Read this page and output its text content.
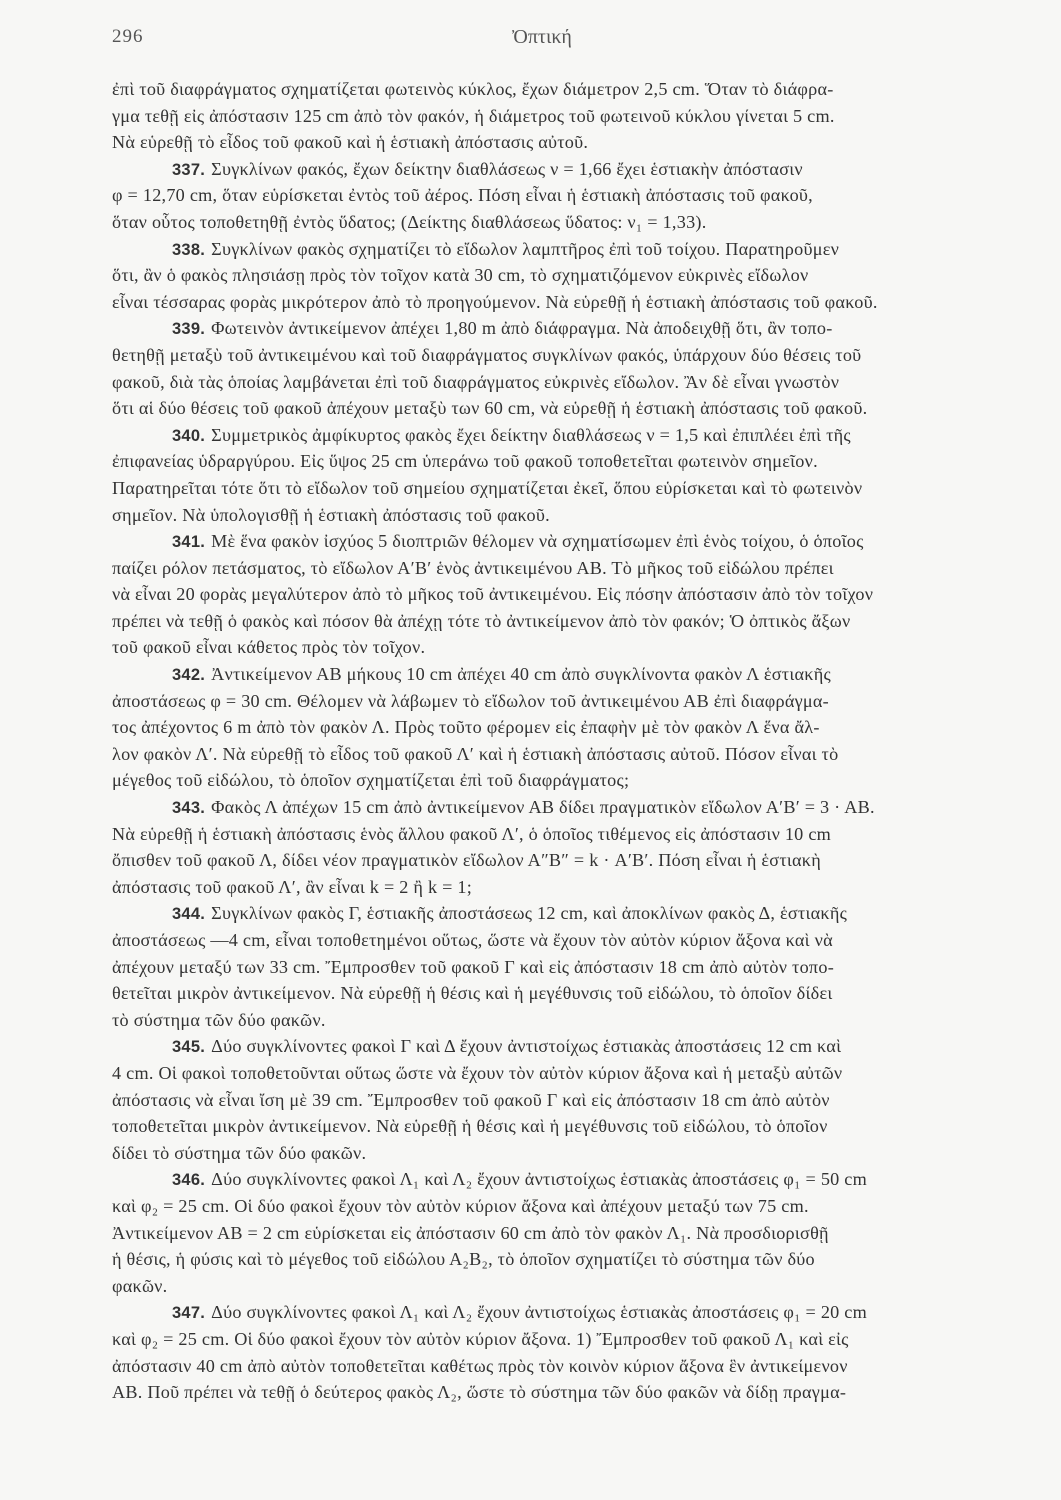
296	Ὀπτική
ἐπὶ τοῦ διαφράγματος σχηματίζεται φωτεινὸς κύκλος, ἔχων διάμετρον 2,5 cm. Ὅταν τὸ διάφρα-
γμα τεθῇ εἰς ἀπόστασιν 125 cm ἀπὸ τὸν φακόν, ἡ διάμετρος τοῦ φωτεινοῦ κύκλου γίνεται 5 cm.
Νὰ εὑρεθῇ τὸ εἶδος τοῦ φακοῦ καὶ ἡ ἑστιακὴ ἀπόστασις αὐτοῦ.
337. Συγκλίνων φακός, ἔχων δείκτην διαθλάσεως ν = 1,66 ἔχει ἑστιακὴν ἀπόστασιν
φ = 12,70 cm, ὅταν εὑρίσκεται ἐντὸς τοῦ ἀέρος. Πόση εἶναι ἡ ἑστιακὴ ἀπόστασις τοῦ φακοῦ,
ὅταν οὗτος τοποθετηθῇ ἐντὸς ὕδατος; (Δείκτης διαθλάσεως ὕδατος: ν₁ = 1,33).
338. Συγκλίνων φακὸς σχηματίζει τὸ εἴδωλον λαμπτῆρος ἐπὶ τοῦ τοίχου. Παρατηροῦμεν
ὅτι, ἂν ὁ φακὸς πλησιάσῃ πρὸς τὸν τοῖχον κατὰ 30 cm, τὸ σχηματιζόμενον εὐκρινὲς εἴδωλον
εἶναι τέσσαρας φορὰς μικρότερον ἀπὸ τὸ προηγούμενον. Νὰ εὑρεθῇ ἡ ἑστιακὴ ἀπόστασις τοῦ φακοῦ.
339. Φωτεινὸν ἀντικείμενον ἀπέχει 1,80 m ἀπὸ διάφραγμα. Νὰ ἀποδειχθῇ ὅτι, ἂν τοπο-
θετηθῇ μεταξὺ τοῦ ἀντικειμένου καὶ τοῦ διαφράγματος συγκλίνων φακός, ὑπάρχουν δύο θέσεις τοῦ
φακοῦ, διὰ τὰς ὁποίας λαμβάνεται ἐπὶ τοῦ διαφράγματος εὐκρινὲς εἴδωλον. Ἂν δὲ εἶναι γνωστὸν
ὅτι αἱ δύο θέσεις τοῦ φακοῦ ἀπέχουν μεταξὺ των 60 cm, νὰ εὑρεθῇ ἡ ἑστιακὴ ἀπόστασις τοῦ φακοῦ.
340. Συμμετρικὸς ἀμφίκυρτος φακὸς ἔχει δείκτην διαθλάσεως ν = 1,5 καὶ ἐπιπλέει ἐπὶ τῆς
ἐπιφανείας ὑδραργύρου. Εἰς ὕψος 25 cm ὑπεράνω τοῦ φακοῦ τοποθετεῖται φωτεινὸν σημεῖον.
Παρατηρεῖται τότε ὅτι τὸ εἴδωλον τοῦ σημείου σχηματίζεται ἐκεῖ, ὅπου εὑρίσκεται καὶ τὸ φωτεινὸν
σημεῖον. Νὰ ὑπολογισθῇ ἡ ἑστιακὴ ἀπόστασις τοῦ φακοῦ.
341. Μὲ ἕνα φακὸν ἰσχύος 5 διοπτριῶν θέλομεν νὰ σχηματίσωμεν ἐπὶ ἑνὸς τοίχου, ὁ ὁποῖος
παίζει ρόλον πετάσματος, τὸ εἴδωλον Α′Β′ ἑνὸς ἀντικειμένου ΑΒ. Τὸ μῆκος τοῦ εἰδώλου πρέπει
νὰ εἶναι 20 φορὰς μεγαλύτερον ἀπὸ τὸ μῆκος τοῦ ἀντικειμένου. Εἰς πόσην ἀπόστασιν ἀπὸ τὸν τοῖχον
πρέπει νὰ τεθῇ ὁ φακὸς καὶ πόσον θὰ ἀπέχῃ τότε τὸ ἀντικείμενον ἀπὸ τὸν φακόν; Ὁ ὀπτικὸς ἄξων
τοῦ φακοῦ εἶναι κάθετος πρὸς τὸν τοῖχον.
342. Ἀντικείμενον ΑΒ μήκους 10 cm ἀπέχει 40 cm ἀπὸ συγκλίνοντα φακὸν Λ ἑστιακῆς
ἀποστάσεως φ = 30 cm. Θέλομεν νὰ λάβωμεν τὸ εἴδωλον τοῦ ἀντικειμένου ΑΒ ἐπὶ διαφράγμα-
τος ἀπέχοντος 6 m ἀπὸ τὸν φακὸν Λ. Πρὸς τοῦτο φέρομεν εἰς ἐπαφὴν μὲ τὸν φακὸν Λ ἕνα ἄλ-
λον φακὸν Λ′. Νὰ εὑρεθῇ τὸ εἶδος τοῦ φακοῦ Λ′ καὶ ἡ ἑστιακὴ ἀπόστασις αὐτοῦ. Πόσον εἶναι τὸ
μέγεθος τοῦ εἰδώλου, τὸ ὁποῖον σχηματίζεται ἐπὶ τοῦ διαφράγματος;
343. Φακὸς Λ ἀπέχων 15 cm ἀπὸ ἀντικείμενον ΑΒ δίδει πραγματικὸν εἴδωλον Α′Β′ = 3 · ΑΒ.
Νὰ εὑρεθῇ ἡ ἑστιακὴ ἀπόστασις ἑνὸς ἄλλου φακοῦ Λ′, ὁ ὁποῖος τιθέμενος εἰς ἀπόστασιν 10 cm
ὄπισθεν τοῦ φακοῦ Λ, δίδει νέον πραγματικὸν εἴδωλον Α″Β″ = k · Α′Β′. Πόση εἶναι ἡ ἑστιακὴ
ἀπόστασις τοῦ φακοῦ Λ′, ἂν εἶναι k = 2 ἢ k = 1;
344. Συγκλίνων φακὸς Γ, ἑστιακῆς ἀποστάσεως 12 cm, καὶ ἀποκλίνων φακὸς Δ, ἑστιακῆς
ἀποστάσεως —4 cm, εἶναι τοποθετημένοι οὕτως, ὥστε νὰ ἔχουν τὸν αὐτὸν κύριον ἄξονα καὶ νὰ
ἀπέχουν μεταξύ των 33 cm. Ἔμπροσθεν τοῦ φακοῦ Γ καὶ εἰς ἀπόστασιν 18 cm ἀπὸ αὐτὸν τοπο-
θετεῖται μικρὸν ἀντικείμενον. Νὰ εὑρεθῇ ἡ θέσις καὶ ἡ μεγέθυνσις τοῦ εἰδώλου, τὸ ὁποῖον δίδει
τὸ σύστημα τῶν δύο φακῶν.
345. Δύο συγκλίνοντες φακοὶ Γ καὶ Δ ἔχουν ἀντιστοίχως ἑστιακὰς ἀποστάσεις 12 cm καὶ
4 cm. Οἱ φακοὶ τοποθετοῦνται οὕτως ὥστε νὰ ἔχουν τὸν αὐτὸν κύριον ἄξονα καὶ ἡ μεταξὺ αὐτῶν
ἀπόστασις νὰ εἶναι ἴση μὲ 39 cm. Ἔμπροσθεν τοῦ φακοῦ Γ καὶ εἰς ἀπόστασιν 18 cm ἀπὸ αὐτὸν
τοποθετεῖται μικρὸν ἀντικείμενον. Νὰ εὑρεθῇ ἡ θέσις καὶ ἡ μεγέθυνσις τοῦ εἰδώλου, τὸ ὁποῖον
δίδει τὸ σύστημα τῶν δύο φακῶν.
346. Δύο συγκλίνοντες φακοὶ Λ₁ καὶ Λ₂ ἔχουν ἀντιστοίχως ἑστιακὰς ἀποστάσεις φ₁ = 50 cm
καὶ φ₂ = 25 cm. Οἱ δύο φακοὶ ἔχουν τὸν αὐτὸν κύριον ἄξονα καὶ ἀπέχουν μεταξύ των 75 cm.
Ἀντικείμενον ΑΒ = 2 cm εὑρίσκεται εἰς ἀπόστασιν 60 cm ἀπὸ τὸν φακὸν Λ₁. Νὰ προσδιορισθῇ
ἡ θέσις, ἡ φύσις καὶ τὸ μέγεθος τοῦ εἰδώλου Α₂Β₂, τὸ ὁποῖον σχηματίζει τὸ σύστημα τῶν δύο
φακῶν.
347. Δύο συγκλίνοντες φακοὶ Λ₁ καὶ Λ₂ ἔχουν ἀντιστοίχως ἑστιακὰς ἀποστάσεις φ₁ = 20 cm
καὶ φ₂ = 25 cm. Οἱ δύο φακοὶ ἔχουν τὸν αὐτὸν κύριον ἄξονα. 1) Ἔμπροσθεν τοῦ φακοῦ Λ₁ καὶ εἰς
ἀπόστασιν 40 cm ἀπὸ αὐτὸν τοποθετεῖται καθέτως πρὸς τὸν κοινὸν κύριον ἄξονα ἓν ἀντικείμενον
ΑΒ. Ποῦ πρέπει νὰ τεθῇ ὁ δεύτερος φακὸς Λ₂, ὥστε τὸ σύστημα τῶν δύο φακῶν νὰ δίδῃ πραγμα-
